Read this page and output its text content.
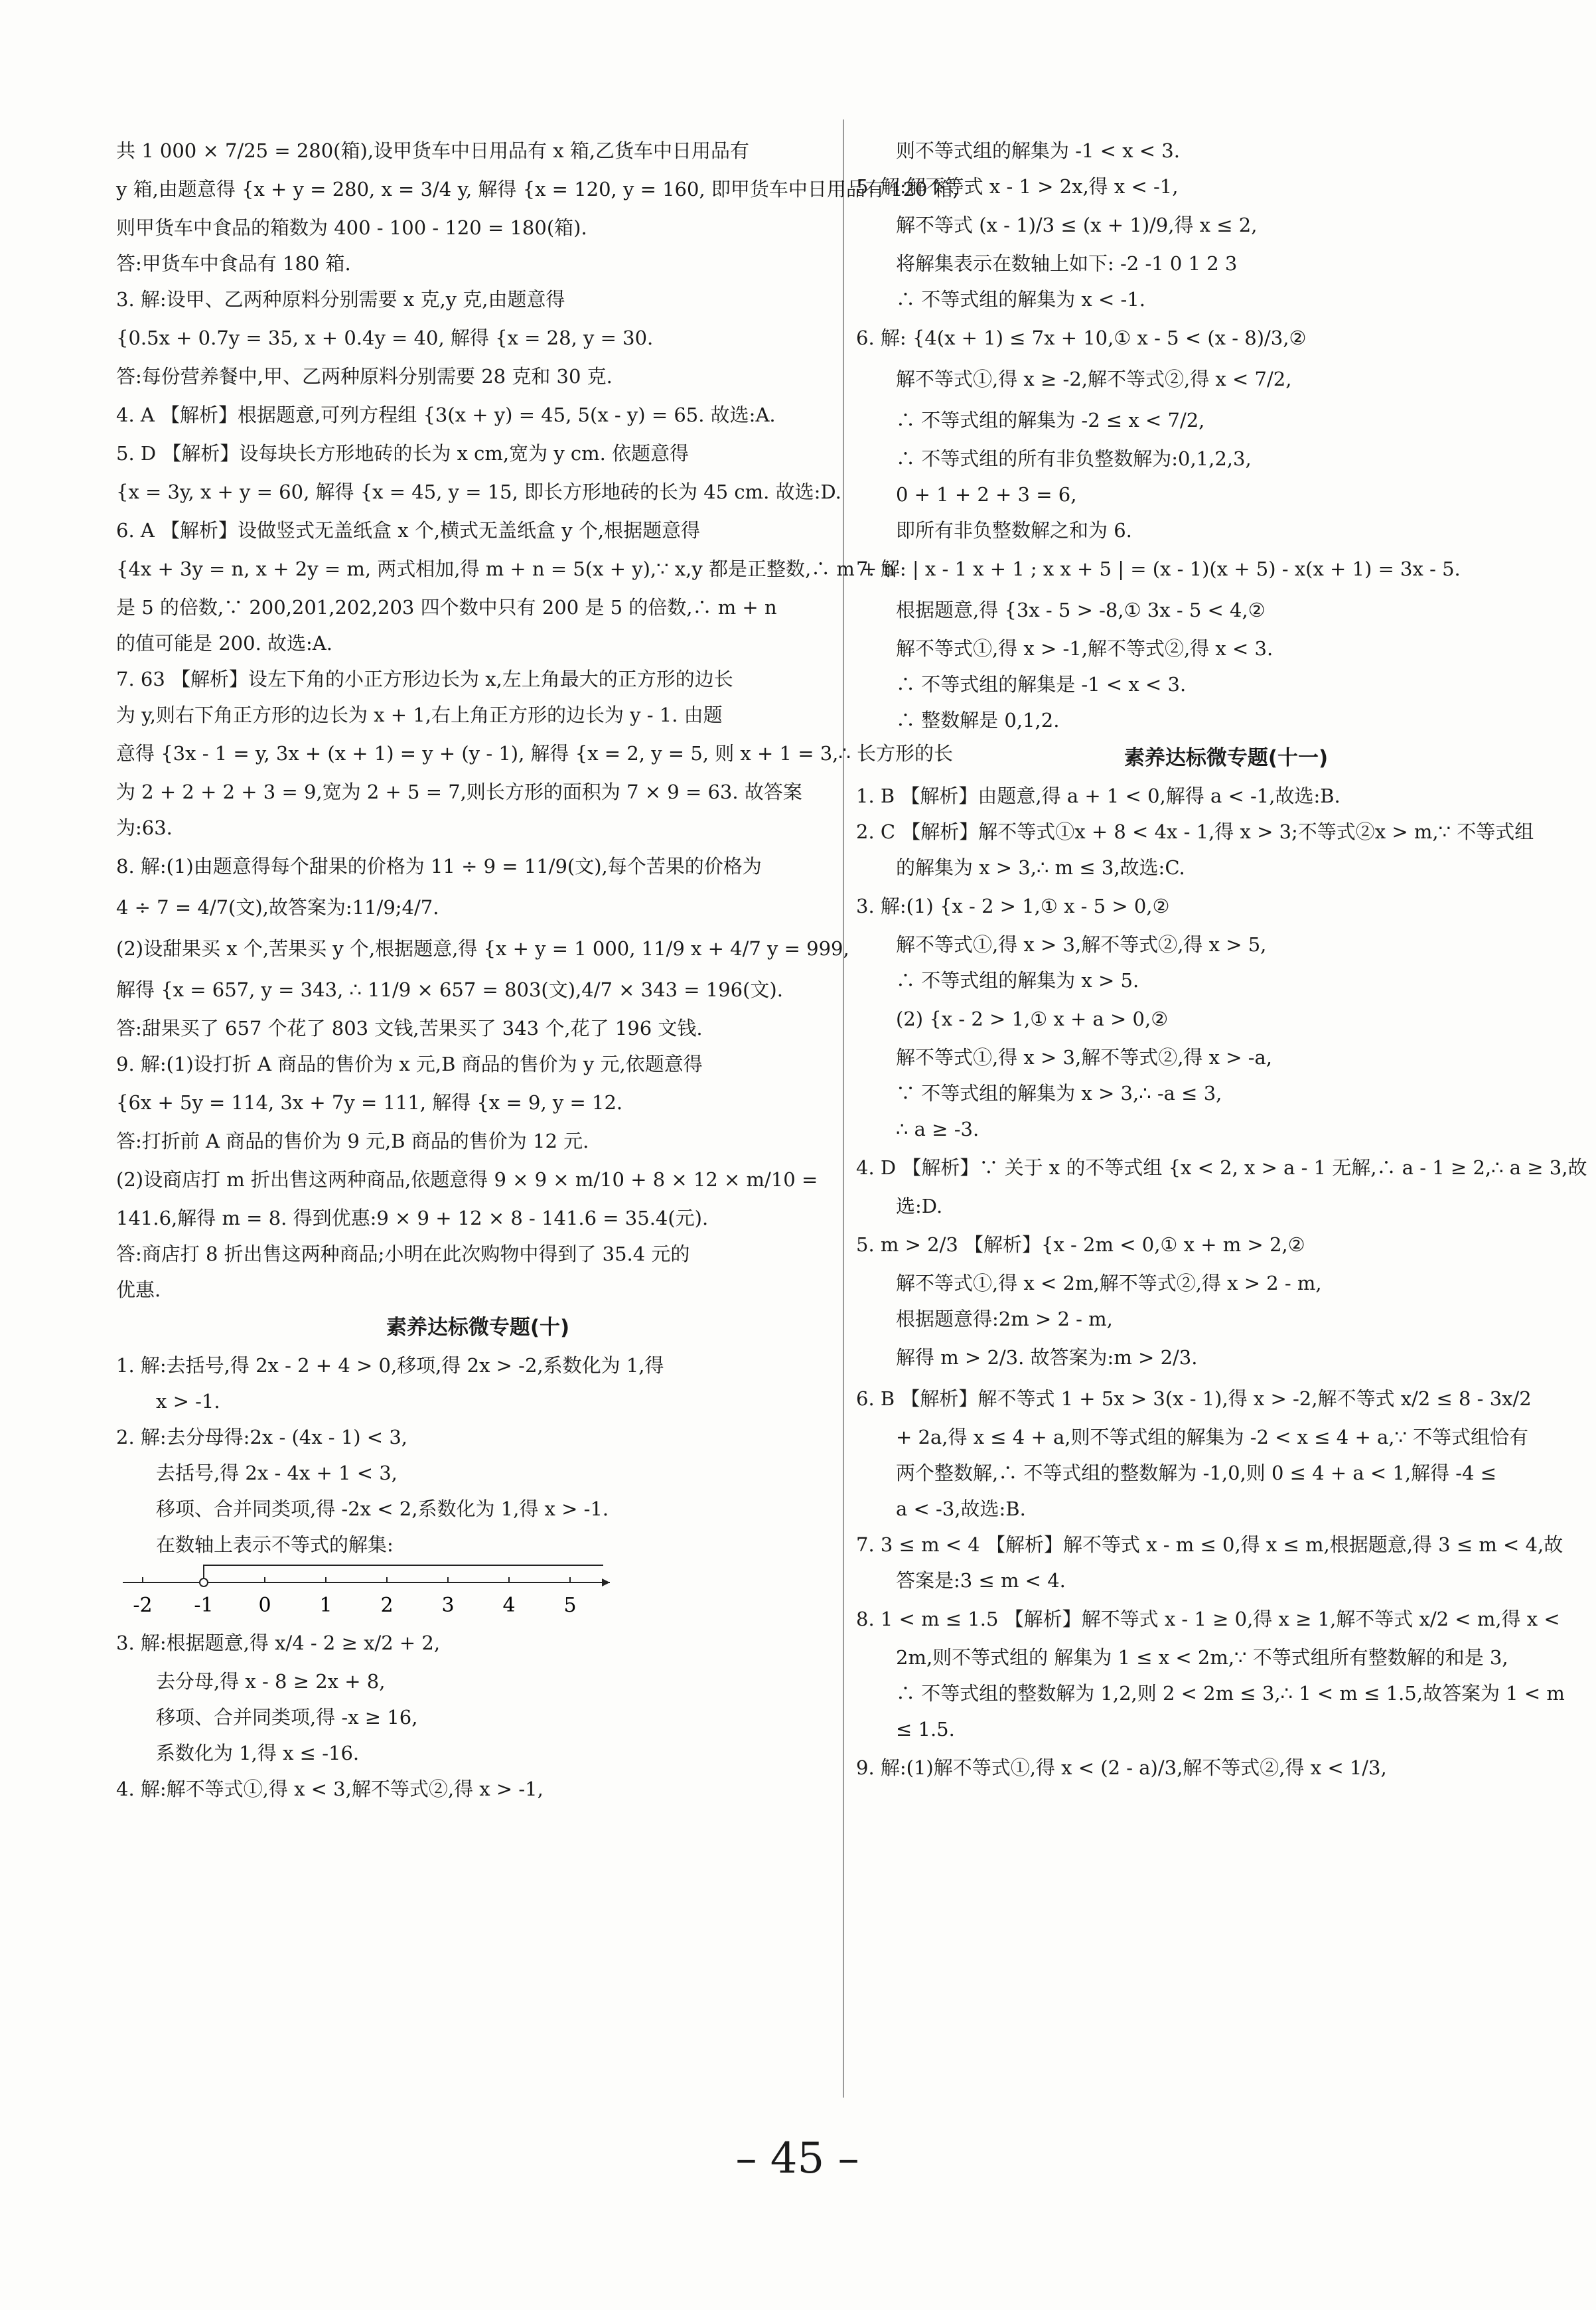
共 1 000 × 7/25 = 280(箱),设甲货车中日用品有 x 箱,乙货车中日用品有
y 箱,由题意得 {x + y = 280, x = 3/4 y, 解得 {x = 120, y = 160, 即甲货车中日用品有 120 箱,
则甲货车中食品的箱数为 400 - 100 - 120 = 180(箱).
答:甲货车中食品有 180 箱.
3. 解:设甲、乙两种原料分别需要 x 克,y 克,由题意得
{0.5x + 0.7y = 35, x + 0.4y = 40, 解得 {x = 28, y = 30.
答:每份营养餐中,甲、乙两种原料分别需要 28 克和 30 克.
4. A 【解析】根据题意,可列方程组 {3(x + y) = 45, 5(x - y) = 65. 故选:A.
5. D 【解析】设每块长方形地砖的长为 x cm,宽为 y cm. 依题意得
{x = 3y, x + y = 60, 解得 {x = 45, y = 15, 即长方形地砖的长为 45 cm. 故选:D.
6. A 【解析】设做竖式无盖纸盒 x 个,横式无盖纸盒 y 个,根据题意得
{4x + 3y = n, x + 2y = m, 两式相加,得 m + n = 5(x + y),∵ x,y 都是正整数,∴ m + n
是 5 的倍数,∵ 200,201,202,203 四个数中只有 200 是 5 的倍数,∴ m + n
的值可能是 200. 故选:A.
7. 63 【解析】设左下角的小正方形边长为 x,左上角最大的正方形的边长
为 y,则右下角正方形的边长为 x + 1,右上角正方形的边长为 y - 1. 由题
意得 {3x - 1 = y, 3x + (x + 1) = y + (y - 1), 解得 {x = 2, y = 5, 则 x + 1 = 3,∴ 长方形的长
为 2 + 2 + 2 + 3 = 9,宽为 2 + 5 = 7,则长方形的面积为 7 × 9 = 63. 故答案
为:63.
8. 解:(1)由题意得每个甜果的价格为 11 ÷ 9 = 11/9(文),每个苦果的价格为
4 ÷ 7 = 4/7(文),故答案为:11/9;4/7.
(2)设甜果买 x 个,苦果买 y 个,根据题意,得 {x + y = 1 000, 11/9 x + 4/7 y = 999,
解得 {x = 657, y = 343, ∴ 11/9 × 657 = 803(文),4/7 × 343 = 196(文).
答:甜果买了 657 个花了 803 文钱,苦果买了 343 个,花了 196 文钱.
9. 解:(1)设打折 A 商品的售价为 x 元,B 商品的售价为 y 元,依题意得
{6x + 5y = 114, 3x + 7y = 111, 解得 {x = 9, y = 12.
答:打折前 A 商品的售价为 9 元,B 商品的售价为 12 元.
(2)设商店打 m 折出售这两种商品,依题意得 9 × 9 × m/10 + 8 × 12 × m/10 =
141.6,解得 m = 8. 得到优惠:9 × 9 + 12 × 8 - 141.6 = 35.4(元).
答:商店打 8 折出售这两种商品;小明在此次购物中得到了 35.4 元的
优惠.
素养达标微专题(十)
1. 解:去括号,得 2x - 2 + 4 > 0,移项,得 2x > -2,系数化为 1,得
x > -1.
2. 解:去分母得:2x - (4x - 1) < 3,
去括号,得 2x - 4x + 1 < 3,
移项、合并同类项,得 -2x < 2,系数化为 1,得 x > -1.
在数轴上表示不等式的解集:
-2 -1 0 1 2 3 4 5
3. 解:根据题意,得 x/4 - 2 ≥ x/2 + 2,
去分母,得 x - 8 ≥ 2x + 8,
移项、合并同类项,得 -x ≥ 16,
系数化为 1,得 x ≤ -16.
4. 解:解不等式①,得 x < 3,解不等式②,得 x > -1,
则不等式组的解集为 -1 < x < 3.
5. 解:解不等式 x - 1 > 2x,得 x < -1,
解不等式 (x - 1)/3 ≤ (x + 1)/9,得 x ≤ 2,
将解集表示在数轴上如下: -2 -1 0 1 2 3
∴ 不等式组的解集为 x < -1.
6. 解: {4(x + 1) ≤ 7x + 10,① x - 5 < (x - 8)/3,②
解不等式①,得 x ≥ -2,解不等式②,得 x < 7/2,
∴ 不等式组的解集为 -2 ≤ x < 7/2,
∴ 不等式组的所有非负整数解为:0,1,2,3,
0 + 1 + 2 + 3 = 6,
即所有非负整数解之和为 6.
7. 解: | x - 1 x + 1 ; x x + 5 | = (x - 1)(x + 5) - x(x + 1) = 3x - 5.
根据题意,得 {3x - 5 > -8,① 3x - 5 < 4,②
解不等式①,得 x > -1,解不等式②,得 x < 3.
∴ 不等式组的解集是 -1 < x < 3.
∴ 整数解是 0,1,2.
素养达标微专题(十一)
1. B 【解析】由题意,得 a + 1 < 0,解得 a < -1,故选:B.
2. C 【解析】解不等式①x + 8 < 4x - 1,得 x > 3;不等式②x > m,∵ 不等式组
的解集为 x > 3,∴ m ≤ 3,故选:C.
3. 解:(1) {x - 2 > 1,① x - 5 > 0,②
解不等式①,得 x > 3,解不等式②,得 x > 5,
∴ 不等式组的解集为 x > 5.
(2) {x - 2 > 1,① x + a > 0,②
解不等式①,得 x > 3,解不等式②,得 x > -a,
∵ 不等式组的解集为 x > 3,∴ -a ≤ 3,
∴ a ≥ -3.
4. D 【解析】∵ 关于 x 的不等式组 {x < 2, x > a - 1 无解,∴ a - 1 ≥ 2,∴ a ≥ 3,故
选:D.
5. m > 2/3 【解析】{x - 2m < 0,① x + m > 2,②
解不等式①,得 x < 2m,解不等式②,得 x > 2 - m,
根据题意得:2m > 2 - m,
解得 m > 2/3. 故答案为:m > 2/3.
6. B 【解析】解不等式 1 + 5x > 3(x - 1),得 x > -2,解不等式 x/2 ≤ 8 - 3x/2
+ 2a,得 x ≤ 4 + a,则不等式组的解集为 -2 < x ≤ 4 + a,∵ 不等式组恰有
两个整数解,∴ 不等式组的整数解为 -1,0,则 0 ≤ 4 + a < 1,解得 -4 ≤
a < -3,故选:B.
7. 3 ≤ m < 4 【解析】解不等式 x - m ≤ 0,得 x ≤ m,根据题意,得 3 ≤ m < 4,故
答案是:3 ≤ m < 4.
8. 1 < m ≤ 1.5 【解析】解不等式 x - 1 ≥ 0,得 x ≥ 1,解不等式 x/2 < m,得 x <
2m,则不等式组的 解集为 1 ≤ x < 2m,∵ 不等式组所有整数解的和是 3,
∴ 不等式组的整数解为 1,2,则 2 < 2m ≤ 3,∴ 1 < m ≤ 1.5,故答案为 1 < m
≤ 1.5.
9. 解:(1)解不等式①,得 x < (2 - a)/3,解不等式②,得 x < 1/3,
– 45 –
